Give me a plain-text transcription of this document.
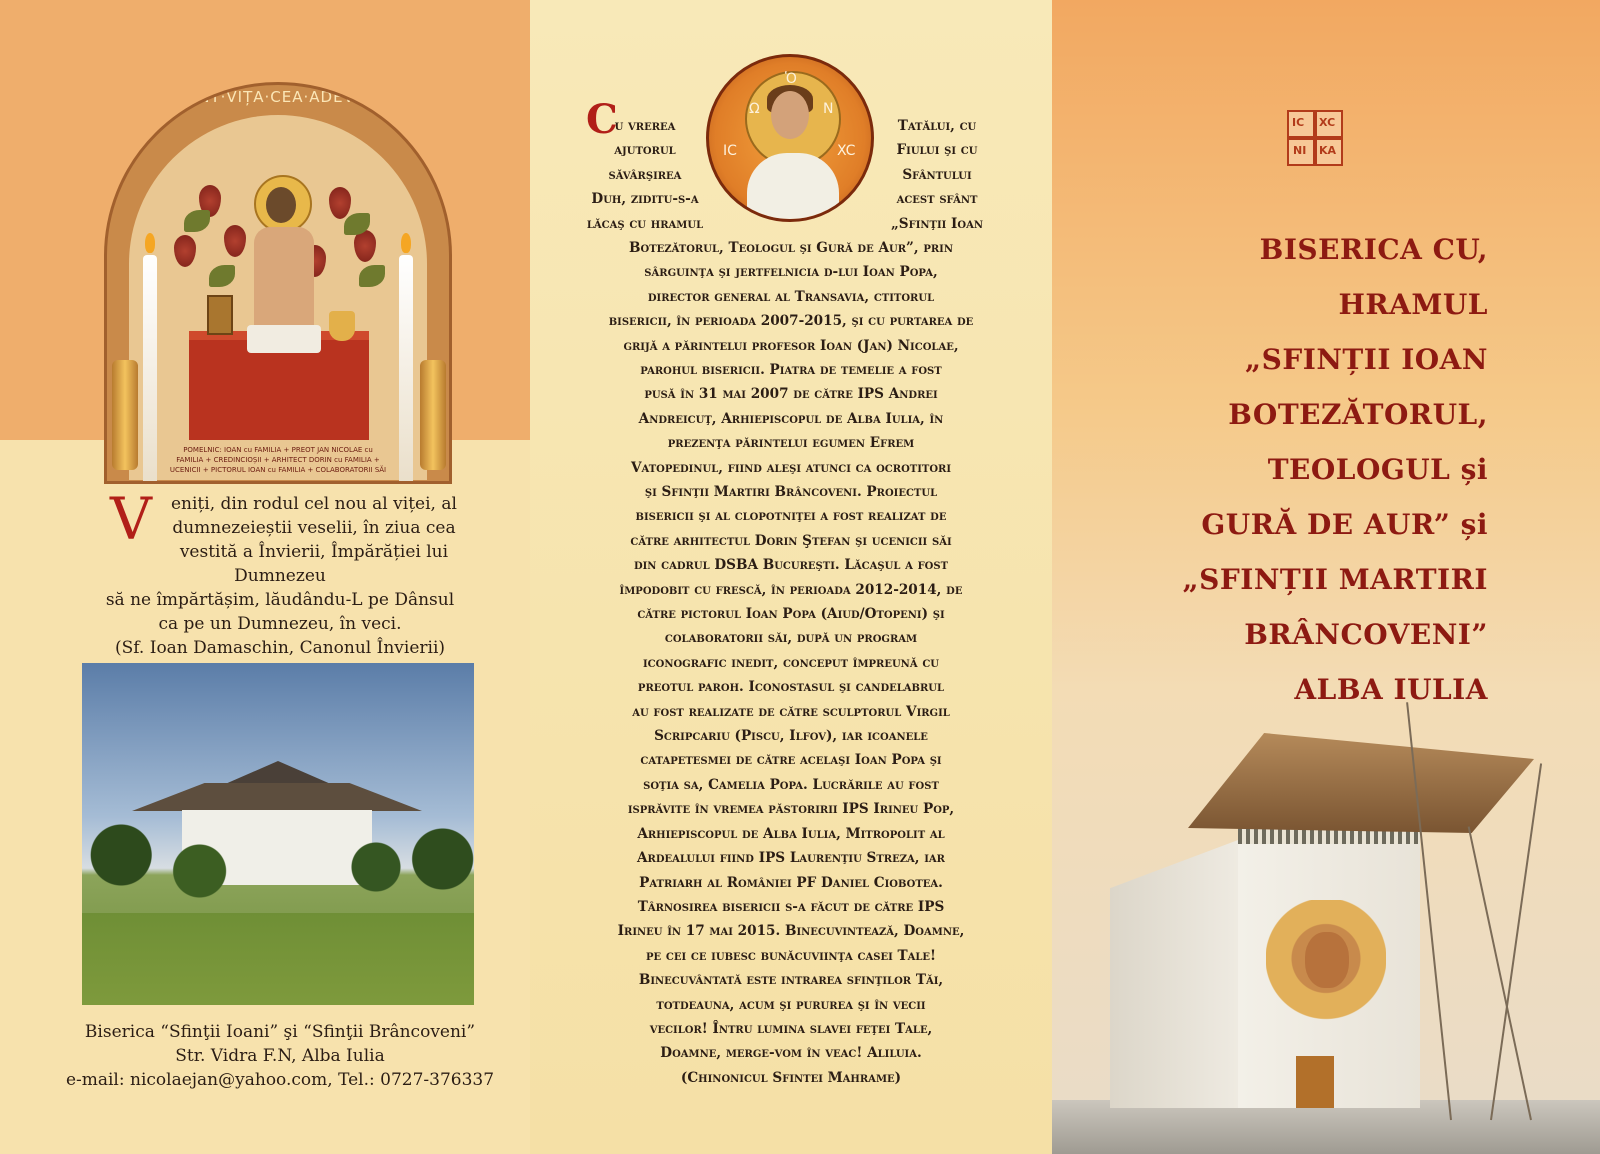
EU·SUNT·VIȚA·CEA·ADEVĂRATĂ
POMELNIC: IOAN cu FAMILIA + PREOT JAN NICOLAE cu FAMILIA + CREDINCIOȘII + ARHITECT DORIN cu FAMILIA + UCENICII + PICTORUL IOAN cu FAMILIA + COLABORATORII SĂI
V eniți, din rodul cel nou al viței, al
dumnezeieștii veselii, în ziua cea
vestită a Învierii, Împărăției lui Dumnezeu
să ne împărtășim, lăudându-L pe Dânsul
ca pe un Dumnezeu, în veci.
(Sf. Ioan Damaschin, Canonul Învierii)
Biserica “Sfinţii Ioani” şi “Sfinţii Brâncoveni”
Str. Vidra F.N, Alba Iulia
e-mail: nicolaejan@yahoo.com, Tel.: 0727-376337
Ὁ
Ω	Ν
IC	XC
C
u vrerea	Tatălui, cu
ajutorul	Fiului şi cu
săvârşirea	Sfântului
Duh, ziditu-s-a	acest sfânt
lăcaş cu hramul	„Sfinţii Ioan
Botezătorul, Teologul şi Gură de Aur”, prin
sârguinţa şi jertfelnicia d-lui Ioan Popa,
director general al Transavia, ctitorul
bisericii, în perioada 2007-2015, şi cu purtarea de
grijă a părintelui profesor Ioan (Jan) Nicolae,
parohul bisericii. Piatra de temelie a fost
pusă în 31 mai 2007 de către IPS Andrei
Andreicuţ, Arhiepiscopul de Alba Iulia, în
prezenţa părintelui egumen Efrem
Vatopedinul, fiind aleşi atunci ca ocrotitori
şi Sfinţii Martiri Brâncoveni. Proiectul
bisericii şi al clopotniţei a fost realizat de
către arhitectul Dorin Ştefan şi ucenicii săi
din cadrul DSBA Bucureşti. Lăcaşul a fost
împodobit cu frescă, în perioada 2012-2014, de
către pictorul Ioan Popa (Aiud/Otopeni) şi
colaboratorii săi, după un program
iconografic inedit, conceput împreună cu
preotul paroh. Iconostasul şi candelabrul
au fost realizate de către sculptorul Virgil
Scripcariu (Piscu, Ilfov), iar icoanele
catapetesmei de către acelaşi Ioan Popa şi
soţia sa, Camelia Popa. Lucrările au fost
isprăvite în vremea păstoririi IPS Irineu Pop,
Arhiepiscopul de Alba Iulia, Mitropolit al
Ardealului fiind IPS Laurenţiu Streza, iar
Patriarh al României PF Daniel Ciobotea.
Târnosirea bisericii s-a făcut de către IPS
Irineu în 17 mai 2015. Binecuvintează, Doamne,
pe cei ce iubesc bunăcuviinţa casei Tale!
Binecuvântată este intrarea sfinţilor Tăi,
totdeauna, acum şi pururea şi în vecii
vecilor! Întru lumina slavei feţei Tale,
Doamne, merge-vom în veac! Aliluia.
(Chinonicul Sfintei Mahrame)
IC XC
NI KA
BISERICA CU,
HRAMUL
„SFINȚII IOAN
BOTEZĂTORUL,
TEOLOGUL și
GURĂ DE AUR” și
„SFINȚII MARTIRI
BRÂNCOVENI”
ALBA IULIA
